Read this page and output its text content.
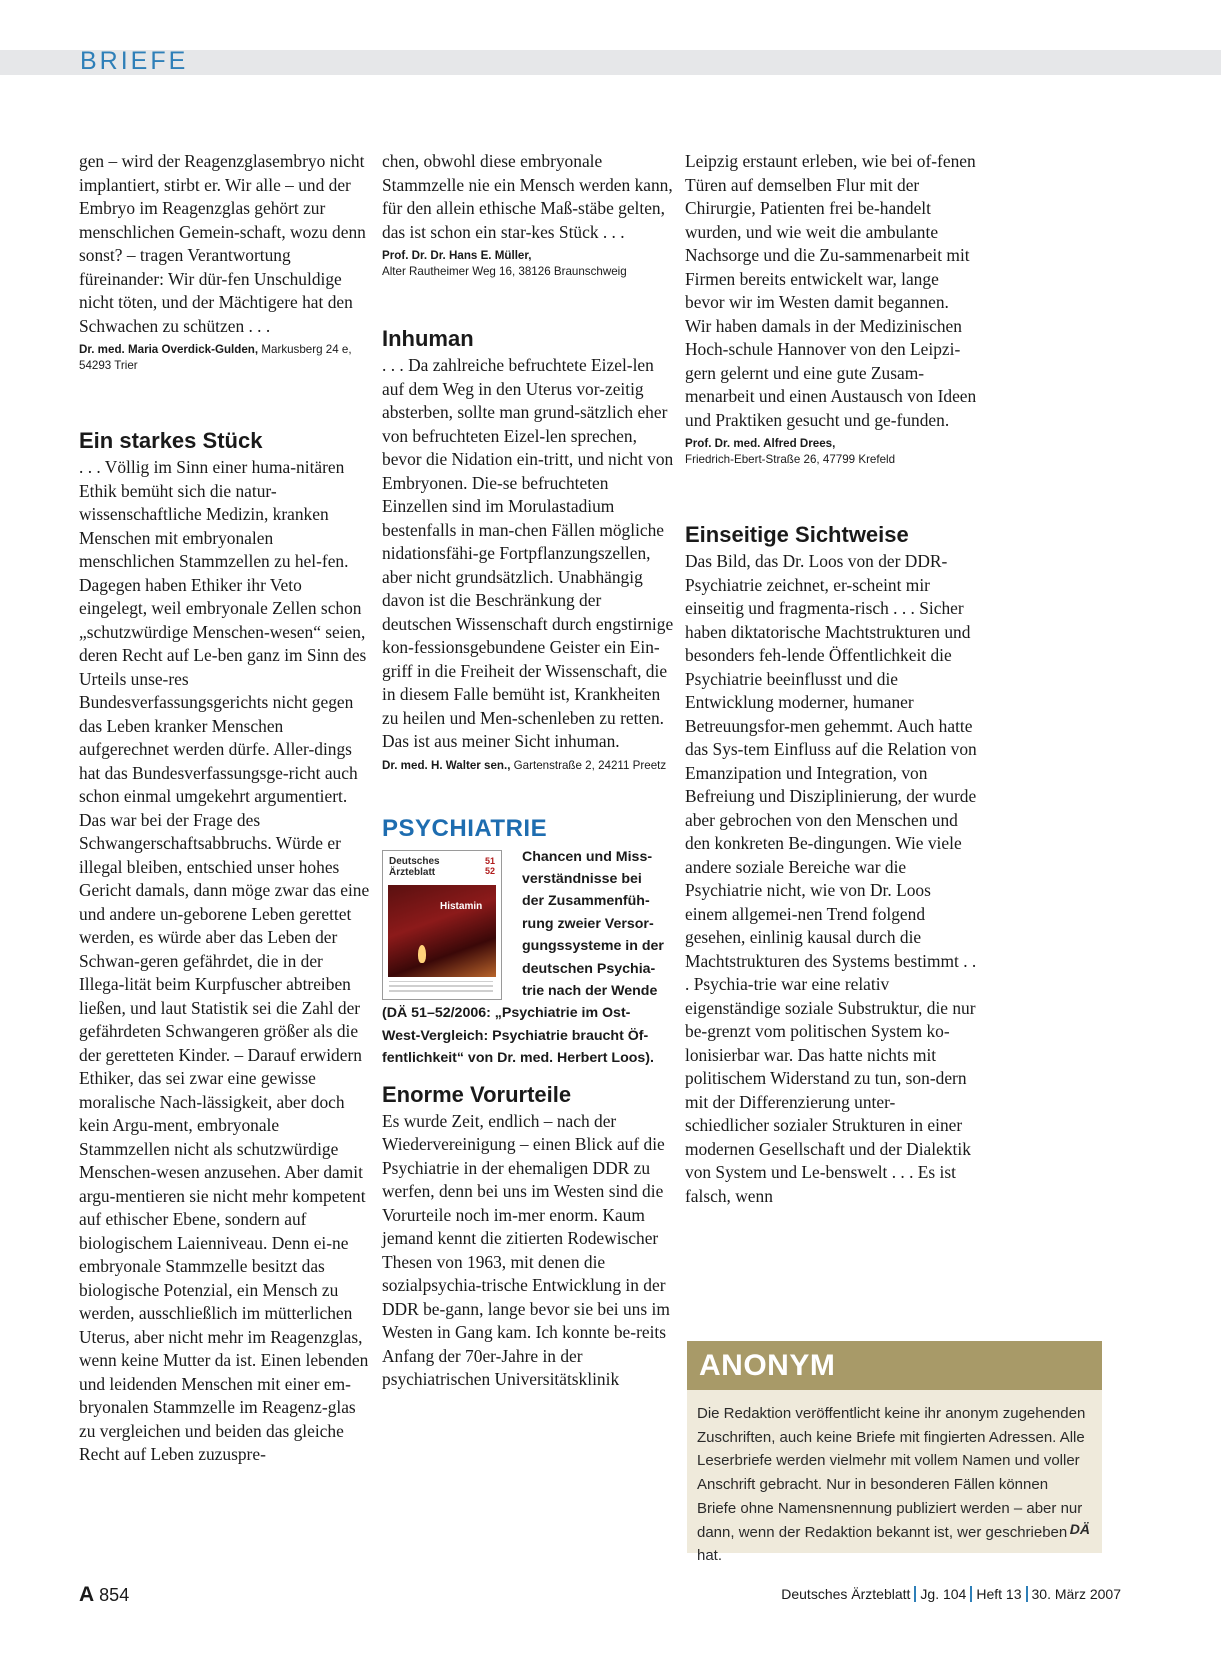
BRIEFE

gen – wird der Reagenzglasembryo nicht implantiert, stirbt er. Wir alle – und der Embryo im Reagenzglas gehört zur menschlichen Gemein-schaft, wozu denn sonst? – tragen Verantwortung füreinander: Wir dür-fen Unschuldige nicht töten, und der Mächtigere hat den Schwachen zu schützen . . .

Dr. med. Maria Overdick-Gulden, Markusberg 24 e, 54293 Trier

Ein starkes Stück

. . . Völlig im Sinn einer huma-nitären Ethik bemüht sich die natur-wissenschaftliche Medizin, kranken Menschen mit embryonalen menschlichen Stammzellen zu hel-fen. Dagegen haben Ethiker ihr Veto eingelegt, weil embryonale Zellen schon „schutzwürdige Menschen-wesen“ seien, deren Recht auf Le-ben ganz im Sinn des Urteils unse-res Bundesverfassungsgerichts nicht gegen das Leben kranker Menschen aufgerechnet werden dürfe. Aller-dings hat das Bundesverfassungsge-richt auch schon einmal umgekehrt argumentiert. Das war bei der Frage des Schwangerschaftsabbruchs. Würde er illegal bleiben, entschied unser hohes Gericht damals, dann möge zwar das eine und andere un-geborene Leben gerettet werden, es würde aber das Leben der Schwan-geren gefährdet, die in der Illega-lität beim Kurpfuscher abtreiben ließen, und laut Statistik sei die Zahl der gefährdeten Schwangeren größer als die der geretteten Kinder. – Darauf erwidern Ethiker, das sei zwar eine gewisse moralische Nach-lässigkeit, aber doch kein Argu-ment, embryonale Stammzellen nicht als schutzwürdige Menschen-wesen anzusehen. Aber damit argu-mentieren sie nicht mehr kompetent auf ethischer Ebene, sondern auf biologischem Laienniveau. Denn ei-ne embryonale Stammzelle besitzt das biologische Potenzial, ein Mensch zu werden, ausschließlich im mütterlichen Uterus, aber nicht mehr im Reagenzglas, wenn keine Mutter da ist. Einen lebenden und leidenden Menschen mit einer em-bryonalen Stammzelle im Reagenz-glas zu vergleichen und beiden das gleiche Recht auf Leben zuzuspre-

chen, obwohl diese embryonale Stammzelle nie ein Mensch werden kann, für den allein ethische Maß-stäbe gelten, das ist schon ein star-kes Stück . . .

Prof. Dr. Dr. Hans E. Müller,
Alter Rautheimer Weg 16, 38126 Braunschweig

Inhuman

. . . Da zahlreiche befruchtete Eizel-len auf dem Weg in den Uterus vor-zeitig absterben, sollte man grund-sätzlich eher von befruchteten Eizel-len sprechen, bevor die Nidation ein-tritt, und nicht von Embryonen. Die-se befruchteten Einzellen sind im Morulastadium bestenfalls in man-chen Fällen mögliche nidationsfähi-ge Fortpflanzungszellen, aber nicht grundsätzlich. Unabhängig davon ist die Beschränkung der deutschen Wissenschaft durch engstirnige kon-fessionsgebundene Geister ein Ein-griff in die Freiheit der Wissenschaft, die in diesem Falle bemüht ist, Krankheiten zu heilen und Men-schenleben zu retten. Das ist aus meiner Sicht inhuman.

Dr. med. H. Walter sen., Gartenstraße 2, 24211 Preetz

PSYCHIATRIE
Deutsches Ärzteblatt
51
52
Histamin

Chancen und Miss-
verständnisse bei
der Zusammenfüh-
rung zweier Versor-
gungssysteme in der
deutschen Psychia-
trie nach der Wende
(DÄ 51–52/2006: „Psychiatrie im Ost-
West-Vergleich: Psychiatrie braucht Öf-
fentlichkeit“ von Dr. med. Herbert Loos).

Enorme Vorurteile

Es wurde Zeit, endlich – nach der Wiedervereinigung – einen Blick auf die Psychiatrie in der ehemaligen DDR zu werfen, denn bei uns im Westen sind die Vorurteile noch im-mer enorm. Kaum jemand kennt die zitierten Rodewischer Thesen von 1963, mit denen die sozialpsychia-trische Entwicklung in der DDR be-gann, lange bevor sie bei uns im Westen in Gang kam. Ich konnte be-reits Anfang der 70er-Jahre in der psychiatrischen Universitätsklinik

Leipzig erstaunt erleben, wie bei of-fenen Türen auf demselben Flur mit der Chirurgie, Patienten frei be-handelt wurden, und wie weit die ambulante Nachsorge und die Zu-sammenarbeit mit Firmen bereits entwickelt war, lange bevor wir im Westen damit begannen. Wir haben damals in der Medizinischen Hoch-schule Hannover von den Leipzi-gern gelernt und eine gute Zusam-menarbeit und einen Austausch von Ideen und Praktiken gesucht und ge-funden.

Prof. Dr. med. Alfred Drees,
Friedrich-Ebert-Straße 26, 47799 Krefeld

Einseitige Sichtweise

Das Bild, das Dr. Loos von der DDR-Psychiatrie zeichnet, er-scheint mir einseitig und fragmenta-risch . . . Sicher haben diktatorische Machtstrukturen und besonders feh-lende Öffentlichkeit die Psychiatrie beeinflusst und die Entwicklung moderner, humaner Betreuungsfor-men gehemmt. Auch hatte das Sys-tem Einfluss auf die Relation von Emanzipation und Integration, von Befreiung und Disziplinierung, der wurde aber gebrochen von den Menschen und den konkreten Be-dingungen. Wie viele andere soziale Bereiche war die Psychiatrie nicht, wie von Dr. Loos einem allgemei-nen Trend folgend gesehen, einlinig kausal durch die Machtstrukturen des Systems bestimmt . . . Psychia-trie war eine relativ eigenständige soziale Substruktur, die nur be-grenzt vom politischen System ko-lonisierbar war. Das hatte nichts mit politischem Widerstand zu tun, son-dern mit der Differenzierung unter-schiedlicher sozialer Strukturen in einer modernen Gesellschaft und der Dialektik von System und Le-benswelt . . . Es ist falsch, wenn

ANONYM

Die Redaktion veröffentlicht keine ihr anonym zugehenden Zuschriften, auch keine Briefe mit fingierten Adressen. Alle Leserbriefe werden vielmehr mit vollem Namen und voller Anschrift gebracht. Nur in besonderen Fällen können Briefe ohne Namensnennung publiziert werden – aber nur dann, wenn der Redaktion bekannt ist, wer geschrieben hat.

DÄ
A 854	Deutsches Ärzteblatt Jg. 104 Heft 13 30. März 2007
